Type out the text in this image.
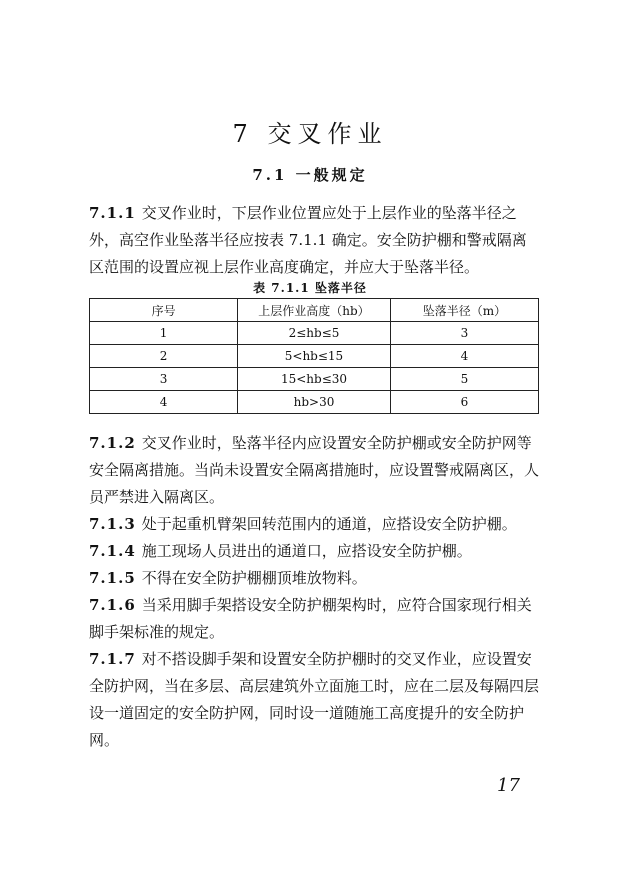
7 交叉作业
7.1 一般规定

7.1.1 交叉作业时，下层作业位置应处于上层作业的坠落半径之外，高空作业坠落半径应按表 7.1.1 确定。安全防护棚和警戒隔离区范围的设置应视上层作业高度确定，并应大于坠落半径。

表 7.1.1 坠落半径
序号	上层作业高度（hb）	坠落半径（m）
1	2≤hb≤5	3
2	5<hb≤15	4
3	15<hb≤30	5
4	hb>30	6

7.1.2 交叉作业时，坠落半径内应设置安全防护棚或安全防护网等安全隔离措施。当尚未设置安全隔离措施时，应设置警戒隔离区，人员严禁进入隔离区。

7.1.3 处于起重机臂架回转范围内的通道，应搭设安全防护棚。

7.1.4 施工现场人员进出的通道口，应搭设安全防护棚。

7.1.5 不得在安全防护棚棚顶堆放物料。

7.1.6 当采用脚手架搭设安全防护棚架构时，应符合国家现行相关脚手架标准的规定。

7.1.7 对不搭设脚手架和设置安全防护棚时的交叉作业，应设置安全防护网，当在多层、高层建筑外立面施工时，应在二层及每隔四层设一道固定的安全防护网，同时设一道随施工高度提升的安全防护网。

17
